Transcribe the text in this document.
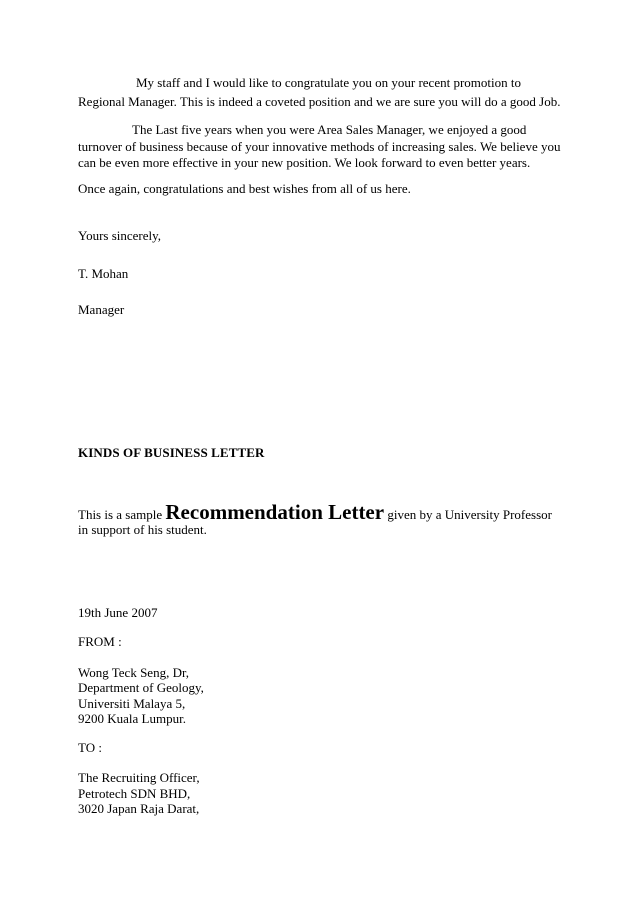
My staff and I would like to congratulate you on your recent promotion to
Regional Manager. This is indeed a coveted position and we are sure you will do a good Job.
The Last five years when you were Area Sales Manager, we enjoyed a good
turnover of business because of your innovative methods of increasing sales. We believe you
can be even more effective in your new position. We look forward to even better years.
Once again, congratulations and best wishes from all of us here.
Yours sincerely,
T. Mohan
Manager
KINDS OF BUSINESS LETTER
This is a sample Recommendation Letter given by a University Professor
in support of his student.
19th June 2007
FROM :
Wong Teck Seng, Dr,
Department of Geology,
Universiti Malaya 5,
9200 Kuala Lumpur.
TO :
The Recruiting Officer,
Petrotech SDN BHD,
3020 Japan Raja Darat,
